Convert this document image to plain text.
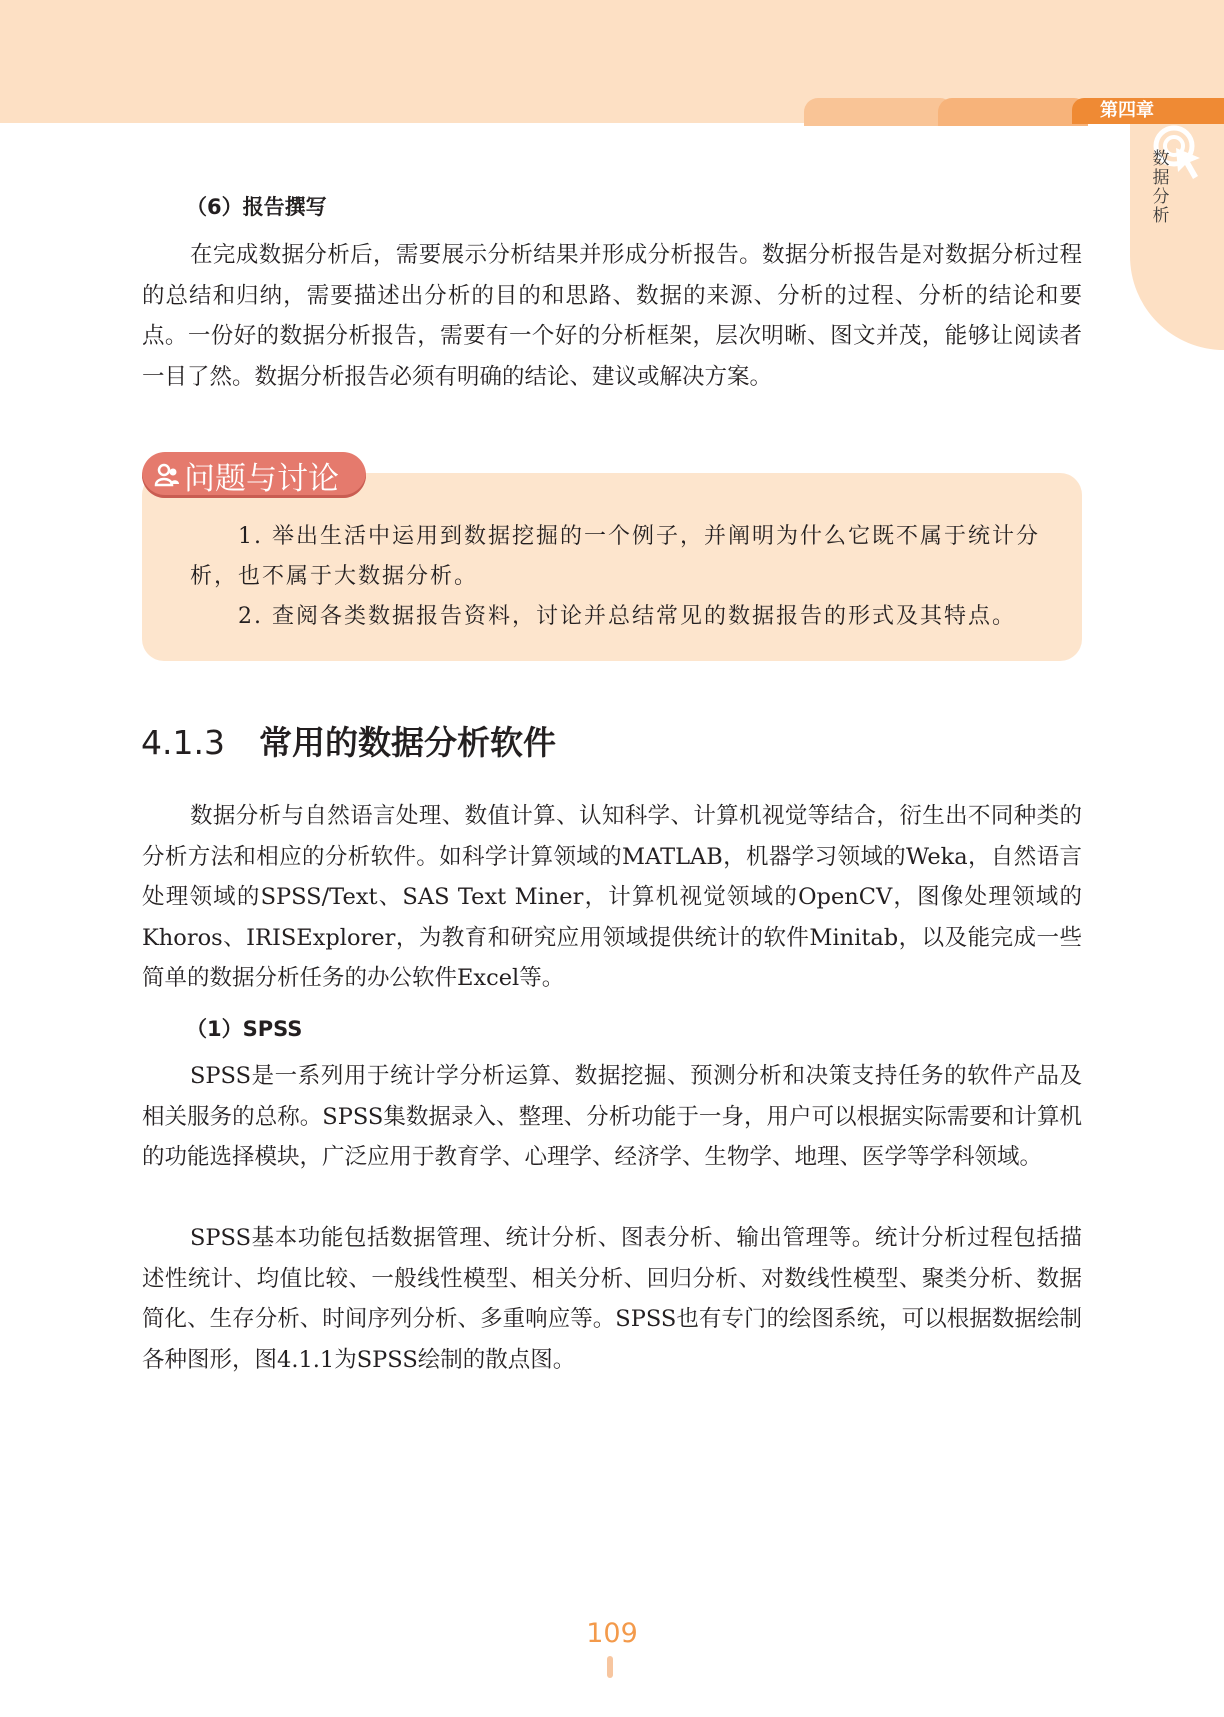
第四章
数
据
分
析
（6）报告撰写

在完成数据分析后，需要展示分析结果并形成分析报告。数据分析报告是对数据分析过程的总结和归纳，需要描述出分析的目的和思路、数据的来源、分析的过程、分析的结论和要点。一份好的数据分析报告，需要有一个好的分析框架，层次明晰、图文并茂，能够让阅读者一目了然。数据分析报告必须有明确的结论、建议或解决方案。

问题与讨论

1. 举出生活中运用到数据挖掘的一个例子，并阐明为什么它既不属于统计分析，也不属于大数据分析。

2. 查阅各类数据报告资料，讨论并总结常见的数据报告的形式及其特点。

4.1.3 常用的数据分析软件

数据分析与自然语言处理、数值计算、认知科学、计算机视觉等结合，衍生出不同种类的分析方法和相应的分析软件。如科学计算领域的MATLAB，机器学习领域的Weka，自然语言处理领域的SPSS/Text、SAS Text Miner，计算机视觉领域的OpenCV，图像处理领域的Khoros、IRISExplorer，为教育和研究应用领域提供统计的软件Minitab，以及能完成一些简单的数据分析任务的办公软件Excel等。

（1）SPSS

SPSS是一系列用于统计学分析运算、数据挖掘、预测分析和决策支持任务的软件产品及相关服务的总称。SPSS集数据录入、整理、分析功能于一身，用户可以根据实际需要和计算机的功能选择模块，广泛应用于教育学、心理学、经济学、生物学、地理、医学等学科领域。

SPSS基本功能包括数据管理、统计分析、图表分析、输出管理等。统计分析过程包括描述性统计、均值比较、一般线性模型、相关分析、回归分析、对数线性模型、聚类分析、数据简化、生存分析、时间序列分析、多重响应等。SPSS也有专门的绘图系统，可以根据数据绘制各种图形，图4.1.1为SPSS绘制的散点图。

109
